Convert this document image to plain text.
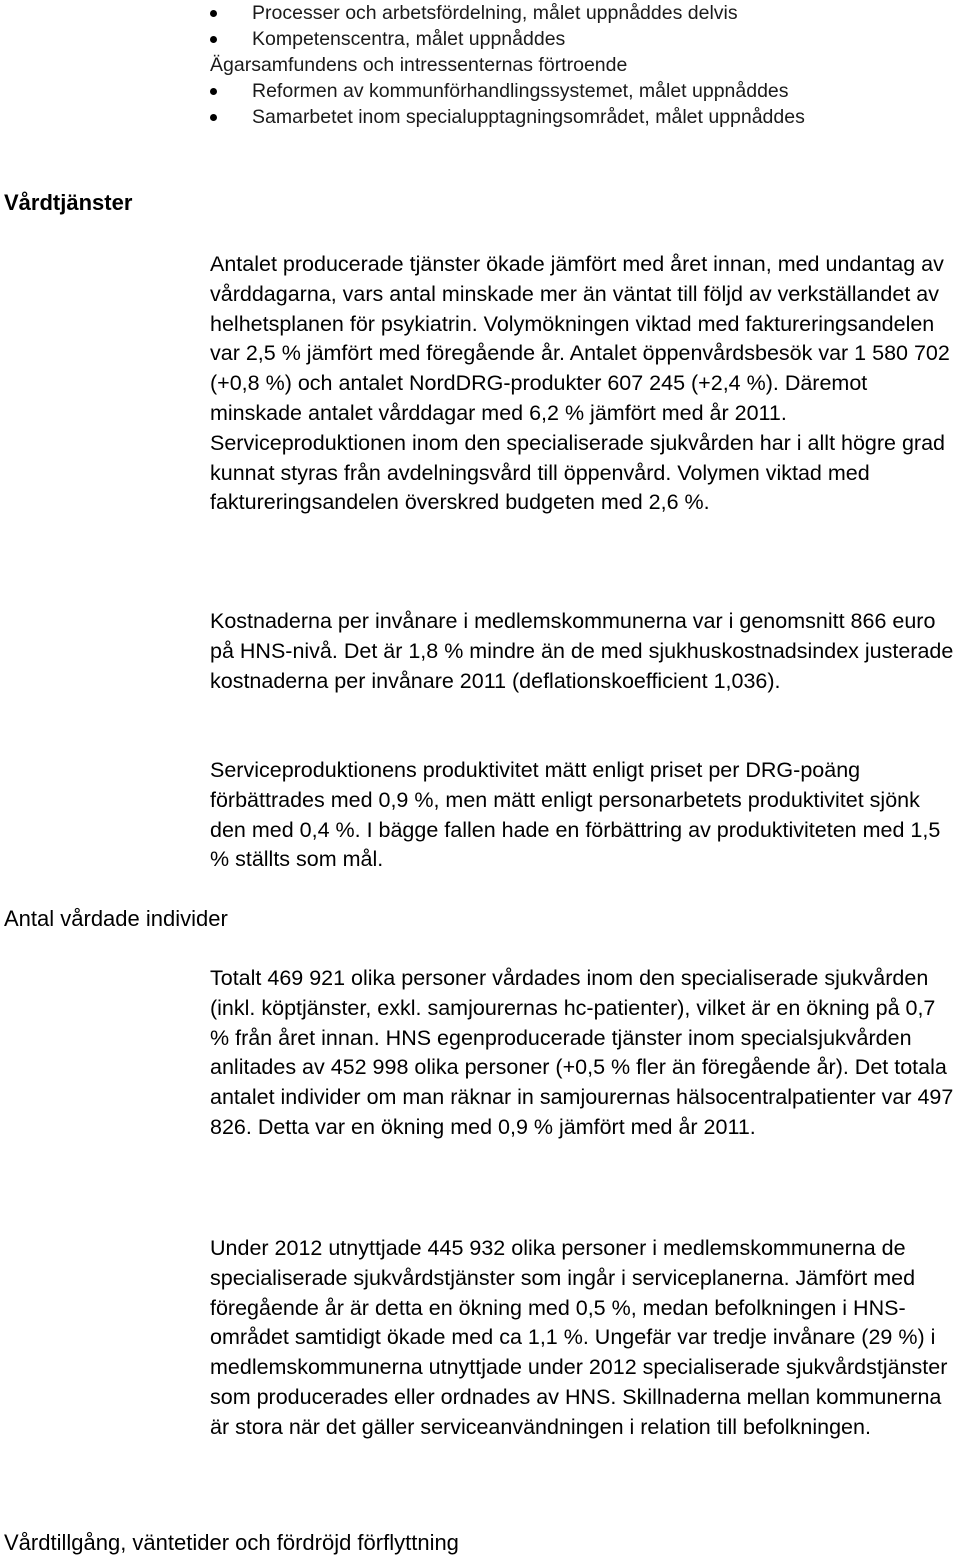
Processer och arbetsfördelning, målet uppnåddes delvis
Kompetenscentra, målet uppnåddes
Ägarsamfundens och intressenternas förtroende
Reformen av kommunförhandlingssystemet, målet uppnåddes
Samarbetet inom specialupptagningsområdet, målet uppnåddes
Vårdtjänster

Antalet producerade tjänster ökade jämfört med året innan, med undantag av vårddagarna, vars antal minskade mer än väntat till följd av verkställandet av helhetsplanen för psykiatrin. Volymökningen viktad med faktureringsandelen var 2,5 % jämfört med föregående år. Antalet öppenvårdsbesök var 1 580 702 (+0,8 %) och antalet NordDRG-produkter 607 245 (+2,4 %). Däremot minskade antalet vårddagar med 6,2 % jämfört med år 2011. Serviceproduktionen inom den specialiserade sjukvården har i allt högre grad kunnat styras från avdelningsvård till öppenvård. Volymen viktad med faktureringsandelen överskred budgeten med 2,6 %.

Kostnaderna per invånare i medlemskommunerna var i genomsnitt 866 euro på HNS-nivå. Det är 1,8 % mindre än de med sjukhuskostnadsindex justerade kostnaderna per invånare 2011 (deflationskoefficient 1,036).

Serviceproduktionens produktivitet mätt enligt priset per DRG-poäng förbättrades med 0,9 %, men mätt enligt personarbetets produktivitet sjönk den med 0,4 %. I bägge fallen hade en förbättring av produktiviteten med 1,5 % ställts som mål.

Antal vårdade individer

Totalt 469 921 olika personer vårdades inom den specialiserade sjukvården (inkl. köptjänster, exkl. samjourernas hc-patienter), vilket är en ökning på 0,7 % från året innan. HNS egenproducerade tjänster inom specialsjukvården anlitades av 452 998 olika personer (+0,5 % fler än föregående år). Det totala antalet individer om man räknar in samjourernas hälsocentralpatienter var 497 826. Detta var en ökning med 0,9 % jämfört med år 2011.

Under 2012 utnyttjade 445 932 olika personer i medlemskommunerna de specialiserade sjukvårdstjänster som ingår i serviceplanerna. Jämfört med föregående år är detta en ökning med 0,5 %, medan befolkningen i HNS-området samtidigt ökade med ca 1,1 %. Ungefär var tredje invånare (29 %) i medlemskommunerna utnyttjade under 2012 specialiserade sjukvårdstjänster som producerades eller ordnades av HNS. Skillnaderna mellan kommunerna är stora när det gäller serviceanvändningen i relation till befolkningen.

Vårdtillgång, väntetider och fördröjd förflyttning
